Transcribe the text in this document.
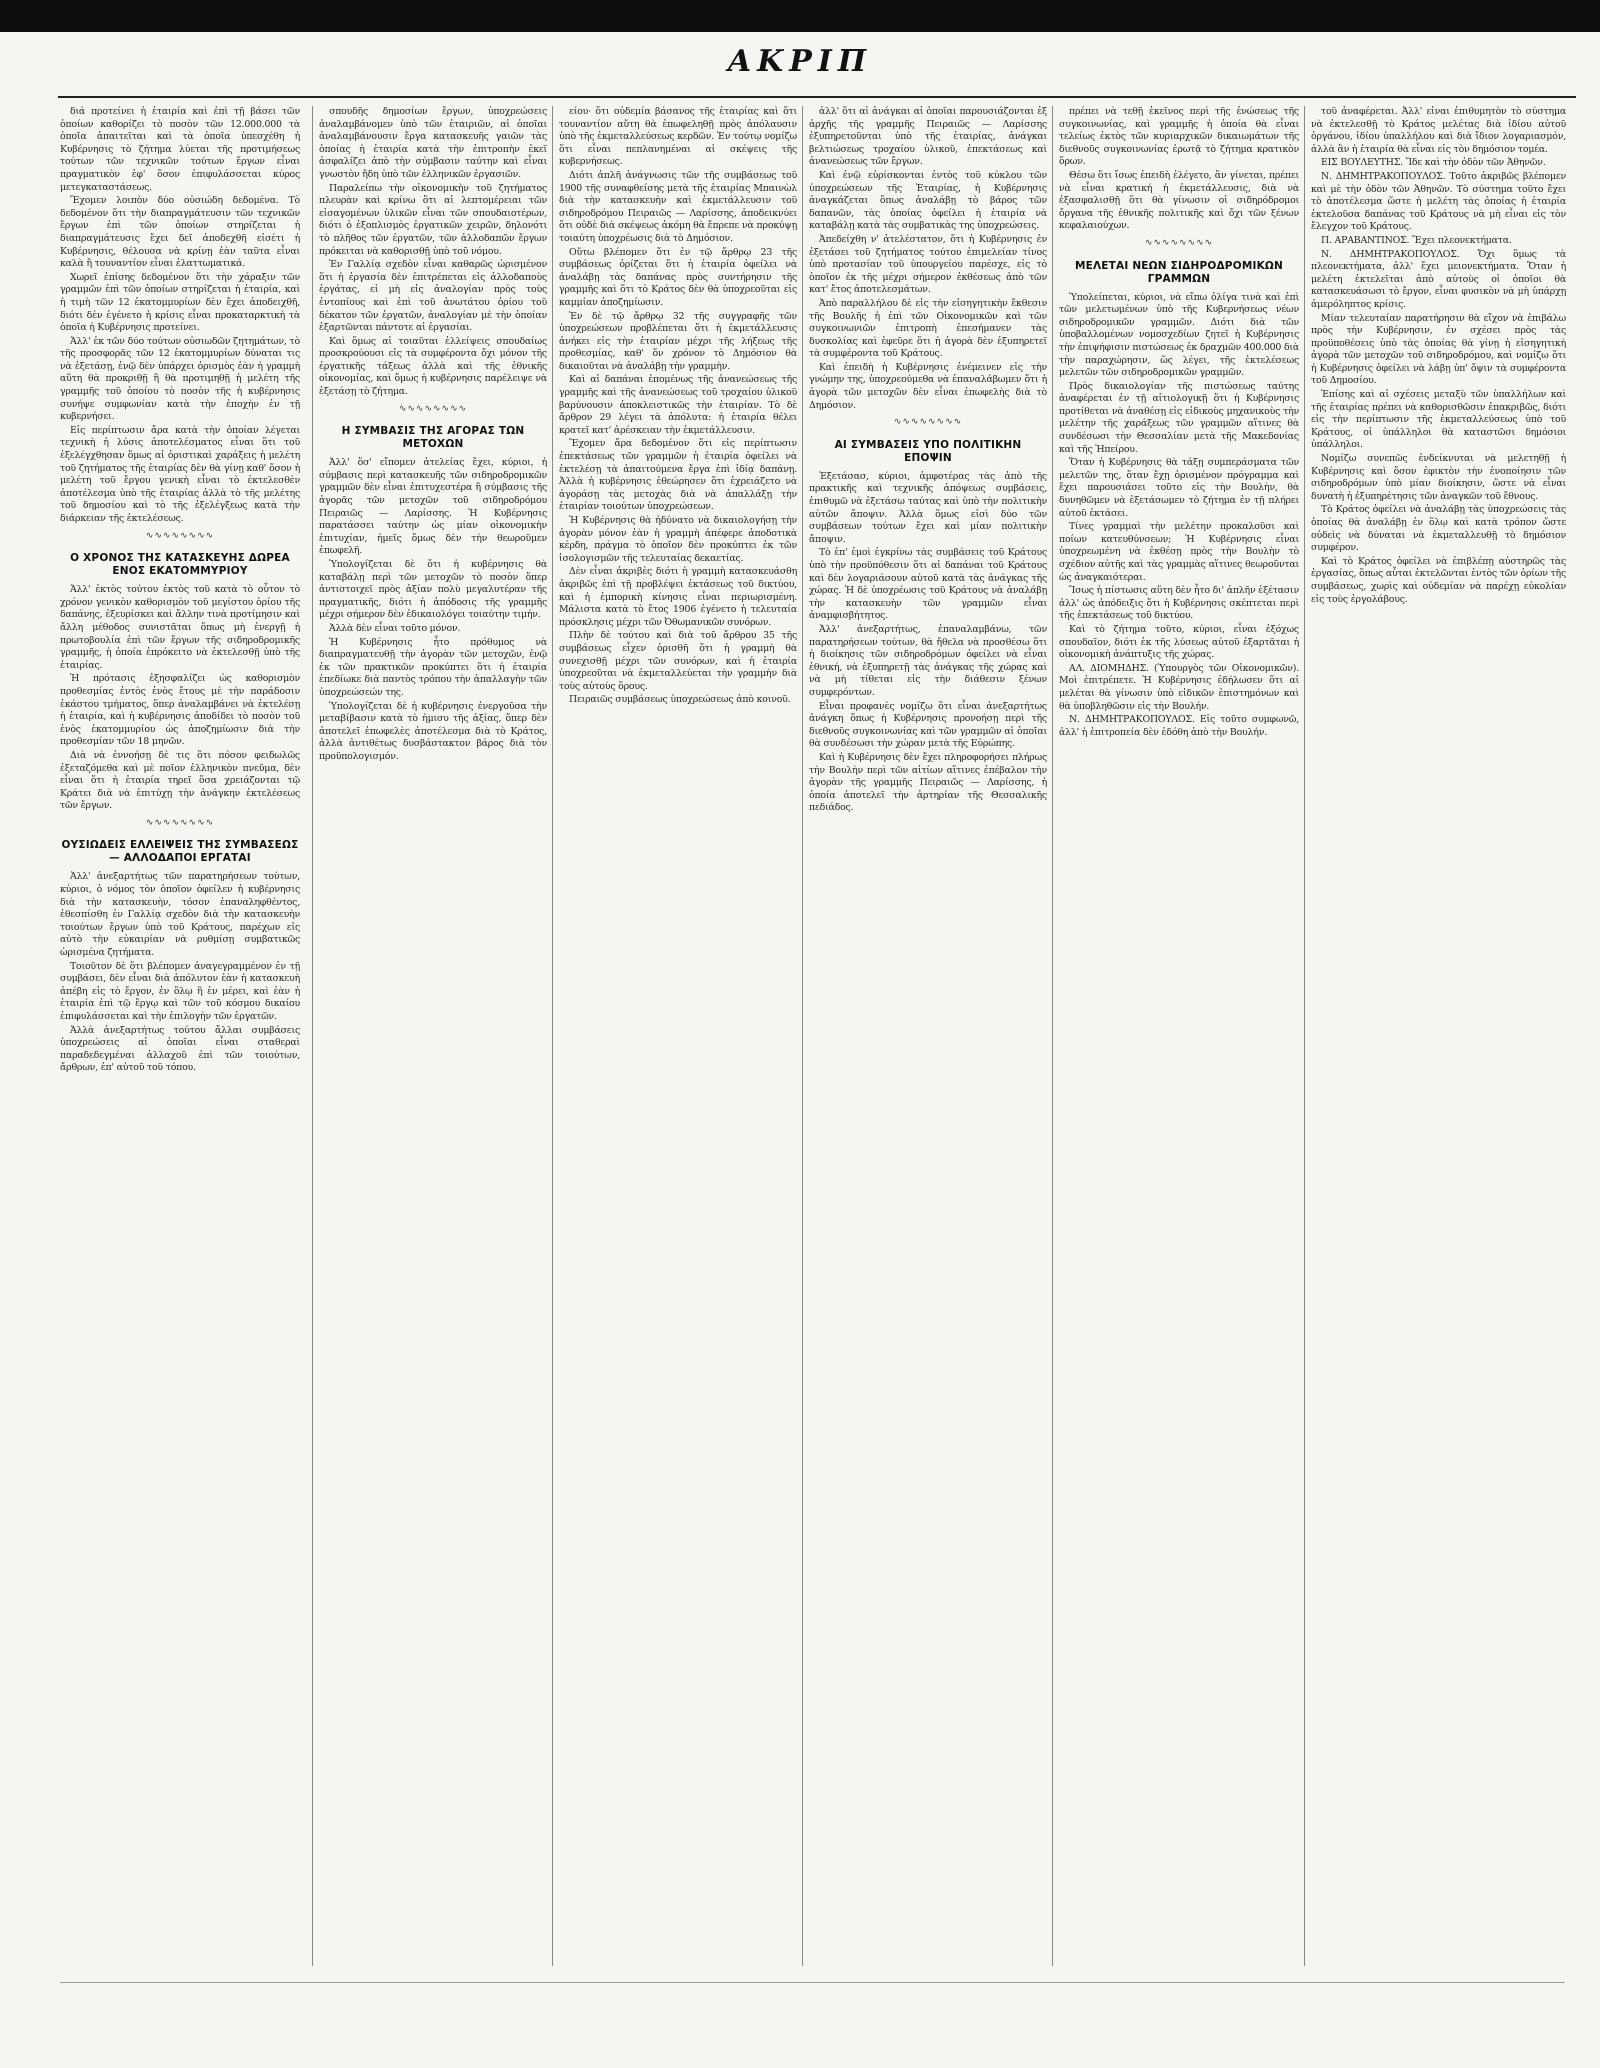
ΑΚΡΙΠ

διά προτείνει ἡ ἑταιρία καὶ ἐπὶ τῇ βάσει τῶν ὁποίων καθορίζει τὸ ποσὸν τῶν 12.000.000 τὰ ὁποῖα ἀπαιτεῖται καὶ τὰ ὁποῖα ὑπεσχέθη ἡ Κυβέρνησις τὸ ζήτημα λύεται τῆς προτιμήσεως τούτων τῶν τεχνικῶν τούτων ἔργων εἶναι πραγματικὸν ἐφ' ὅσον ἐπιφυλάσσεται κύρος μετεγκαταστάσεως.

Ἔχομεν λοιπὸν δύο οὐσιώδη δεδομένα. Τὸ δεδομένον ὅτι τὴν διαπραγμάτευσιν τῶν τεχνικῶν ἔργων ἐπὶ τῶν ὁποίων στηρίζεται ἡ διαπραγμάτευσις ἔχει δεῖ ἀποδεχθῆ εἰσέτι ἡ Κυβέρνησις, θέλουσα νὰ κρίνῃ ἐὰν ταῦτα εἶναι καλὰ ἢ τουναντίον εἶναι ἐλαττωματικά.

Χωρεῖ ἐπίσης δεδομένον ὅτι τὴν χάραξιν τῶν γραμμῶν ἐπὶ τῶν ὁποίων στηρίζεται ἡ ἑταιρία, καὶ ἡ τιμὴ τῶν 12 ἑκατομμυρίων δὲν ἔχει ἀποδειχθῆ, διότι δὲν ἐγένετο ἡ κρίσις εἶναι προκαταρκτικὴ τὰ ὁποῖα ἡ Κυβέρνησις προτείνει.

Ἀλλ' ἐκ τῶν δύο τούτων οὐσιωδῶν ζητημάτων, τὸ τῆς προσφορᾶς τῶν 12 ἑκατομμυρίων δύναται τις νὰ ἐξετάσῃ, ἐνῷ δὲν ὑπάρχει ὁρισμὸς ἐὰν ἡ γραμμὴ αὕτη θὰ προκριθῇ ἢ θὰ προτιμηθῇ ἡ μελέτη τῆς γραμμῆς τοῦ ὁποίου τὸ ποσὸν τῆς ἡ κυβέρνησις συνήψε συμφωνίαν κατὰ τὴν ἐποχὴν ἐν τῇ κυβερνήσει.

Εἰς περίπτωσιν ἄρα κατὰ τὴν ὁποίαν λέγεται τεχνικὴ ἡ λύσις ἀποτελέσματος εἶναι ὅτι τοῦ ἐξελέγχθησαν ὅμως αἱ ὁριστικαὶ χαράξεις ἡ μελέτη τοῦ ζητήματος τῆς ἑταιρίας δὲν θὰ γίνῃ καθ' ὅσον ἡ μελέτη τοῦ ἔργου γενικὴ εἶναι τὸ ἐκτελεσθὲν ἀποτέλεσμα ὑπὸ τῆς ἑταιρίας ἀλλὰ τὸ τῆς μελέτης τοῦ δημοσίου καὶ τὸ τῆς ἐξελέγξεως κατὰ τὴν διάρκειαν τῆς ἐκτελέσεως.

∿∿∿∿∿∿∿∿
Ο ΧΡΟΝΟΣ ΤΗΣ ΚΑΤΑΣΚΕΥΗΣ ΔΩΡΕΑ ΕΝΟΣ ΕΚΑΤΟΜΜΥΡΙΟΥ

Ἀλλ' ἐκτὸς τούτου ἐκτὸς τοῦ κατὰ τὸ οὗτον τὸ χρόνον γενικὸν καθορισμὸν τοῦ μεγίστου ὁρίου τῆς δαπάνης, ἐξευρίσκει καὶ ἄλλην τινὰ προτίμησιν καὶ ἄλλη μέθοδος συνιστᾶται ὅπως μὴ ἐνεργῇ ἡ πρωτοβουλία ἐπὶ τῶν ἔργων τῆς σιδηροδρομικῆς γραμμῆς, ἡ ὁποία ἐπρόκειτο νὰ ἐκτελεσθῇ ὑπὸ τῆς ἑταιρίας.

Ἡ πρότασις ἐξησφαλίζει ὡς καθορισμὸν προθεσμίας ἐντὸς ἐνὸς ἔτους μὲ τὴν παράδοσιν ἑκάστου τμήματος, ὅπερ ἀναλαμβάνει νὰ ἐκτελέσῃ ἡ ἑταιρία, καὶ ἡ κυβέρνησις ἀποδίδει τὸ ποσὸν τοῦ ἑνὸς ἑκατομμυρίου ὡς ἀποζημίωσιν διὰ τὴν προθεσμίαν τῶν 18 μηνῶν.

Διὰ νὰ ἐννοήσῃ δὲ τις ὅτι πόσον φειδωλῶς ἐξεταζόμεθα καὶ μὲ ποῖον ἐλληνικὸν πνεῦμα, δὲν εἶναι ὅτι ἡ ἑταιρία τηρεῖ ὅσα χρειάζονται τῷ Κράτει διὰ νὰ ἐπιτύχῃ τὴν ἀνάγκην ἐκτελέσεως τῶν ἔργων.

∿∿∿∿∿∿∿∿
ΟΥΣΙΩΔΕΙΣ ΕΛΛΕΙΨΕΙΣ ΤΗΣ ΣΥΜΒΑΣΕΩΣ — ΑΛΛΟΔΑΠΟΙ ΕΡΓΑΤΑΙ

Ἀλλ' ἀνεξαρτήτως τῶν παρατηρήσεων τούτων, κύριοι, ὁ νόμος τὸν ὁποῖον ὀφείλεν ἡ κυβέρνησις διὰ τὴν κατασκευὴν, τόσον ἐπαναληφθέντος, ἐθεσπίσθη ἐν Γαλλίᾳ σχεδὸν διὰ τὴν κατασκευὴν τοιούτων ἔργων ὑπὸ τοῦ Κράτους, παρέχων εἰς αὐτὸ τὴν εὐκαιρίαν νὰ ρυθμίσῃ συμβατικῶς ὡρισμένα ζητήματα.

Τοιοῦτον δὲ ὅτι βλέπομεν ἀναγεγραμμένον ἐν τῇ συμβάσει, δὲν εἶναι διὰ ἀπόλυτον ἐὰν ἡ κατασκευὴ ἀπέβη εἰς τὸ ἔργον, ἐν ὅλῳ ἢ ἐν μέρει, καὶ ἐὰν ἡ ἑταιρία ἐπὶ τῷ ἔργῳ καὶ τῶν τοῦ κόσμου δικαίου ἐπιφυλάσσεται καὶ τὴν ἐπιλογὴν τῶν ἐργατῶν.

Ἀλλὰ ἀνεξαρτήτως τούτου ἄλλαι συμβάσεις ὑποχρεώσεις αἱ ὁποῖαι εἶναι σταθεραὶ παραδεδεγμέναι ἀλλαχοῦ ἐπὶ τῶν τοιούτων, ἄρθρων, ἐπ' αὐτοῦ τοῦ τόπου.

σπουδῆς δημοσίων ἔργων, ὑποχρεώσεις ἀναλαμβάνομεν ὑπὸ τῶν ἑταιριῶν, αἱ ὁποῖαι ἀναλαμβάνουσιν ἔργα κατασκευῆς γαιῶν τὰς ὁποίας ἡ ἑταιρία κατὰ τὴν ἐπιτροπὴν ἐκεῖ ἀσφαλίζει ἀπὸ τὴν σύμβασιν ταύτην καὶ εἶναι γνωστὸν ἤδη ὑπὸ τῶν ἑλληνικῶν ἐργασιῶν.

Παραλείπω τὴν οἰκονομικὴν τοῦ ζητήματος πλευρὰν καὶ κρίνω ὅτι αἱ λεπτομέρειαι τῶν εἰσαγομένων ὑλικῶν εἶναι τῶν σπουδαιοτέρων, διότι ὁ ἐξοπλισμὸς ἐργατικῶν χειρῶν, δηλονότι τὸ πλῆθος τῶν ἐργατῶν, τῶν ἀλλοδαπῶν ἔργων πρόκειται νὰ καθορισθῇ ὑπὸ τοῦ νόμου.

Ἐν Γαλλίᾳ σχεδὸν εἶναι καθαρῶς ὡρισμένον ὅτι ἡ ἐργασία δὲν ἐπιτρέπεται εἰς ἀλλοδαποὺς ἐργάτας, εἰ μὴ εἰς ἀναλογίαν πρὸς τοὺς ἐντοπίους καὶ ἐπὶ τοῦ ἀνωτάτου ὁρίου τοῦ δέκατον τῶν ἐργατῶν, ἀναλογίαν μὲ τὴν ὁποίαν ἐξαρτῶνται πάντοτε αἱ ἐργασίαι.

Καὶ ὅμως αἱ τοιαῦται ἐλλείψεις σπουδαίως προσκρούουσι εἰς τὰ συμφέροντα ὄχι μόνον τῆς ἐργατικῆς τάξεως ἀλλὰ καὶ τῆς ἐθνικῆς οἰκονομίας, καὶ ὅμως ἡ κυβέρνησις παρέλειψε νὰ ἐξετάσῃ τὸ ζήτημα.

∿∿∿∿∿∿∿∿
Η ΣΥΜΒΑΣΙΣ ΤΗΣ ΑΓΟΡΑΣ ΤΩΝ ΜΕΤΟΧΩΝ

Ἀλλ' ὅσ' εἴπομεν ἀτελείας ἔχει, κύριοι, ἡ σύμβασις περὶ κατασκευῆς τῶν σιδηροδρομικῶν γραμμῶν δὲν εἶναι ἐπιτυχεστέρα ἢ σύμβασις τῆς ἀγορᾶς τῶν μετοχῶν τοῦ σιδηροδρόμου Πειραιῶς — Λαρίσσης. Ἡ Κυβέρνησις παρατάσσει ταύτην ὡς μίαν οἰκονομικὴν ἐπιτυχίαν, ἡμεῖς ὅμως δὲν τὴν θεωροῦμεν ἐπωφελῆ.

Ὑπολογίζεται δὲ ὅτι ἡ κυβέρνησις θὰ καταβάλῃ περὶ τῶν μετοχῶν τὸ ποσὸν ὅπερ ἀντιστοιχεῖ πρὸς ἀξίαν πολὺ μεγαλυτέραν τῆς πραγματικῆς, διότι ἡ ἀπόδοσις τῆς γραμμῆς μέχρι σήμερον δὲν ἐδικαιολόγει τοιαύτην τιμήν.

Ἀλλὰ δὲν εἶναι τοῦτο μόνον.

Ἡ Κυβέρνησις ἦτο πρόθυμος νὰ διαπραγματευθῇ τὴν ἀγορὰν τῶν μετοχῶν, ἐνῷ ἐκ τῶν πρακτικῶν προκύπτει ὅτι ἡ ἑταιρία ἐπεδίωκε διὰ παντὸς τρόπου τὴν ἀπαλλαγὴν τῶν ὑποχρεώσεών της.

Ὑπολογίζεται δὲ ἡ κυβέρνησις ἐνεργοῦσα τὴν μεταβίβασιν κατὰ τὸ ἡμισυ τῆς ἀξίας, ὅπερ δὲν ἀποτελεῖ ἐπωφελὲς ἀποτέλεσμα διὰ τὸ Κράτος, ἀλλὰ ἀντιθέτως δυσβάστακτον βάρος διὰ τὸν προϋπολογισμόν.

είου· ὅτι οὐδεμία βάσανος τῆς ἑταιρίας καὶ ὅτι τουναντίον αὕτη θὰ ἐπωφεληθῇ πρὸς ἀπόλαυσιν ὑπὸ τῆς ἐκμεταλλεύσεως κερδῶν. Ἐν τούτῳ νομίζω ὅτι εἶναι πεπλανημέναι αἱ σκέψεις τῆς κυβερνήσεως.

Διότι ἁπλῆ ἀνάγνωσις τῶν τῆς συμβάσεως τοῦ 1900 τῆς συναφθείσης μετὰ τῆς ἑταιρίας Μπαινὼλ διὰ τὴν κατασκευὴν καὶ ἐκμετάλλευσιν τοῦ σιδηροδρόμου Πειραιῶς — Λαρίσσης, ἀποδεικνύει ὅτι οὐδὲ διὰ σκέψεως ἀκόμη θὰ ἔπρεπε νὰ προκύψῃ τοιαύτη ὑποχρέωσις διὰ τὸ Δημόσιον.

Οὕτω βλέπομεν ὅτι ἐν τῷ ἄρθρῳ 23 τῆς συμβάσεως ὁρίζεται ὅτι ἡ ἑταιρία ὀφείλει νὰ ἀναλάβῃ τὰς δαπάνας πρὸς συντήρησιν τῆς γραμμῆς καὶ ὅτι τὸ Κράτος δὲν θὰ ὑποχρεοῦται εἰς καμμίαν ἀποζημίωσιν.

Ἐν δὲ τῷ ἄρθρῳ 32 τῆς συγγραφῆς τῶν ὑποχρεώσεων προβλέπεται ὅτι ἡ ἐκμετάλλευσις ἀνήκει εἰς τὴν ἑταιρίαν μέχρι τῆς λήξεως τῆς προθεσμίας, καθ' ὅν χρόνον τὸ Δημόσιον θὰ δικαιοῦται νὰ ἀναλάβῃ τὴν γραμμὴν.

Καὶ αἱ δαπάναι ἐπομένως τῆς ἀνανεώσεως τῆς γραμμῆς καὶ τῆς ἀνανεώσεως τοῦ τροχαίου ὑλικοῦ βαρύνουσιν ἀποκλειστικῶς τὴν ἑταιρίαν. Τὸ δὲ ἄρθρον 29 λέγει τὰ ἀπόλυτα: ἡ ἑταιρία θέλει κρατεῖ κατ' ἀρέσκειαν τὴν ἐκμετάλλευσιν.

Ἔχομεν ἄρα δεδομένον ὅτι εἰς περίπτωσιν ἐπεκτάσεως τῶν γραμμῶν ἡ ἑταιρία ὀφείλει νὰ ἐκτελέσῃ τὰ ἀπαιτούμενα ἔργα ἐπὶ ἰδίᾳ δαπάνῃ. Ἀλλὰ ἡ κυβέρνησις ἐθεώρησεν ὅτι ἐχρειάζετο νὰ ἀγοράσῃ τὰς μετοχὰς διὰ νὰ ἀπαλλάξῃ τὴν ἑταιρίαν τοιούτων ὑποχρεώσεων.

Ἡ Κυβέρνησις θὰ ἠδύνατο νὰ δικαιολογήσῃ τὴν ἀγορὰν μόνον ἐὰν ἡ γραμμὴ ἀπέφερε ἀποδοτικὰ κέρδη, πράγμα τὸ ὁποῖον δὲν προκύπτει ἐκ τῶν ἰσολογισμῶν τῆς τελευταίας δεκαετίας.

Δὲν εἶναι ἀκριβὲς διότι ἡ γραμμὴ κατασκευάσθη ἀκριβῶς ἐπὶ τῇ προβλέψει ἐκτάσεως τοῦ δικτύου, καὶ ἡ ἐμπορικὴ κίνησις εἶναι περιωρισμένη. Μάλιστα κατὰ τὸ ἔτος 1906 ἐγένετο ἡ τελευταία πρόσκλησις μέχρι τῶν Ὀθωμανικῶν συνόρων.

Πλὴν δὲ τούτου καὶ διὰ τοῦ ἄρθρου 35 τῆς συμβάσεως εἶχεν ὁρισθῆ ὅτι ἡ γραμμὴ θὰ συνεχισθῇ μέχρι τῶν συνόρων, καὶ ἡ ἑταιρία ὑποχρεοῦται νὰ ἐκμεταλλεύεται τὴν γραμμὴν διὰ τοὺς αὐτοὺς ὅρους.

Πειραιῶς συμβάσεως ὑποχρεώσεως ἀπὸ κοινοῦ.

ἀλλ' ὅτι αἱ ἀνάγκαι αἱ ὁποῖαι παρουσιάζονται ἐξ ἀρχῆς τῆς γραμμῆς Πειραιῶς — Λαρίσσης ἐξυπηρετοῦνται ὑπὸ τῆς ἑταιρίας, ἀνάγκαι βελτιώσεως τροχαίου ὑλικοῦ, ἐπεκτάσεως καὶ ἀνανεώσεως τῶν ἔργων.

Καὶ ἐνῷ εὑρίσκονται ἐντὸς τοῦ κύκλου τῶν ὑποχρεώσεων τῆς Ἑταιρίας, ἡ Κυβέρνησις ἀναγκάζεται ὅπως ἀναλάβῃ τὸ βάρος τῶν δαπανῶν, τὰς ὁποίας ὀφείλει ἡ ἑταιρία νὰ καταβάλῃ κατὰ τὰς συμβατικὰς της ὑποχρεώσεις.

Ἀπεδείχθη ν' ἀτελέστατον, ὅτι ἡ Κυβέρνησις ἐν ἐξετάσει τοῦ ζητήματος τούτου ἐπιμελείαν τίνος ὑπὸ προτασίαν τοῦ ὑπουργείου παρέσχε, εἰς τὸ ὁποῖον ἐκ τῆς μέχρι σήμερον ἐκθέσεως ἀπὸ τῶν κατ' ἔτος ἀποτελεσμάτων.

Ἀπὸ παραλλήλου δὲ εἰς τὴν εἰσηγητικὴν ἔκθεσιν τῆς Βουλῆς ἡ ἐπὶ τῶν Οἰκονομικῶν καὶ τῶν συγκοινωνιῶν ἐπιτροπὴ ἐπεσήμανεν τὰς δυσκολίας καὶ ἐφεῦρε ὅτι ἡ ἀγορὰ δὲν ἐξυπηρετεῖ τὰ συμφέροντα τοῦ Κράτους.

Καὶ ἐπειδὴ ἡ Κυβέρνησις ἐνέμεινεν εἰς τὴν γνώμην της, ὑποχρεούμεθα νὰ ἐπαναλάβωμεν ὅτι ἡ ἀγορὰ τῶν μετοχῶν δὲν εἶναι ἐπωφελὴς διὰ τὸ Δημόσιον.

∿∿∿∿∿∿∿∿
ΑΙ ΣΥΜΒΑΣΕΙΣ ΥΠΟ ΠΟΛΙΤΙΚΗΝ ΕΠΟΨΙΝ

Ἐξετάσασ, κύριοι, ἀμφοτέρας τὰς ἀπὸ τῆς πρακτικῆς καὶ τεχνικῆς ἀπόψεως συμβάσεις, ἐπιθυμῶ νὰ ἐξετάσω ταύτας καὶ ὑπὸ τὴν πολιτικὴν αὐτῶν ἄποψιν. Ἀλλὰ ὅμως εἰσὶ δύο τῶν συμβάσεων τούτων ἔχει καὶ μίαν πολιτικὴν ἄποψιν.

Τὸ ἐπ' ἐμοὶ ἐγκρίνω τὰς συμβάσεις τοῦ Κράτους ὑπὸ τὴν προϋπόθεσιν ὅτι αἱ δαπάναι τοῦ Κράτους καὶ δὲν λογαριάσουν αὐτοῦ κατὰ τὰς ἀνάγκας τῆς χώρας. Ἡ δὲ ὑποχρέωσις τοῦ Κράτους νὰ ἀναλάβῃ τὴν κατασκευὴν τῶν γραμμῶν εἶναι ἀναμφισβήτητος.

Ἀλλ' ἀνεξαρτήτως, ἐπαναλαμβάνω, τῶν παρατηρήσεων τούτων, θὰ ἤθελα νὰ προσθέσω ὅτι ἡ διοίκησις τῶν σιδηροδρόμων ὀφείλει νὰ εἶναι ἐθνική, νὰ ἐξυπηρετῇ τὰς ἀνάγκας τῆς χώρας καὶ νὰ μὴ τίθεται εἰς τὴν διάθεσιν ξένων συμφερόντων.

Εἶναι προφανὲς νομίζω ὅτι εἶναι ἀνεξαρτήτως ἀνάγκη ὅπως ἡ Κυβέρνησις προνοήσῃ περὶ τῆς διεθνοῦς συγκοινωνίας καὶ τῶν γραμμῶν αἱ ὁποῖαι θὰ συνδέσωσι τὴν χώραν μετὰ τῆς Εὐρώπης.

Καὶ ἡ Κυβέρνησις δὲν ἔχει πληροφορήσει πλήρως τὴν Βουλὴν περὶ τῶν αἰτίων αἵτινες ἐπέβαλον τὴν ἀγορὰν τῆς γραμμῆς Πειραιῶς — Λαρίσσης, ἡ ὁποία ἀποτελεῖ τὴν ἀρτηρίαν τῆς Θεσσαλικῆς πεδιάδος.

πρέπει νὰ τεθῇ ἐκεῖνος περὶ τῆς ἑνώσεως τῆς συγκοινωνίας, καὶ γραμμῆς ἡ ὁποία θὰ εἶναι τελείως ἐκτὸς τῶν κυριαρχικῶν δικαιωμάτων τῆς διεθνοῦς συγκοινωνίας ἐρωτᾷ τὸ ζήτημα κρατικὸν ὅρων.

Θέσω ὅτι ἴσως ἐπειδὴ ἐλέγετο, ἂν γίνεται, πρέπει νὰ εἶναι κρατική ἡ ἐκμετάλλευσις, διὰ νὰ ἐξασφαλισθῇ ὅτι θὰ γίνωσιν οἱ σιδηρόδρομοι ὄργανα τῆς ἐθνικῆς πολιτικῆς καὶ ὄχι τῶν ξένων κεφαλαιούχων.

∿∿∿∿∿∿∿∿
ΜΕΛΕΤΑΙ ΝΕΩΝ ΣΙΔΗΡΟΔΡΟΜΙΚΩΝ ΓΡΑΜΜΩΝ

Ὑπολείπεται, κύριοι, νὰ εἴπω ὀλίγα τινὰ καὶ ἐπὶ τῶν μελετωμένων ὑπὸ τῆς Κυβερνήσεως νέων σιδηροδρομικῶν γραμμῶν. Διότι διὰ τῶν ὑποβαλλομένων νομοσχεδίων ζητεῖ ἡ Κυβέρνησις τὴν ἐπιψήφισιν πιστώσεως ἐκ δραχμῶν 400.000 διὰ τὴν παραχώρησιν, ὥς λέγει, τῆς ἐκτελέσεως μελετῶν τῶν σιδηροδρομικῶν γραμμῶν.

Πρὸς δικαιολογίαν τῆς πιστώσεως ταύτης ἀναφέρεται ἐν τῇ αἰτιολογικῇ ὅτι ἡ Κυβέρνησις προτίθεται νὰ ἀναθέσῃ εἰς εἰδικοὺς μηχανικοὺς τὴν μελέτην τῆς χαράξεως τῶν γραμμῶν αἵτινες θὰ συνδέσωσι τὴν Θεσσαλίαν μετὰ τῆς Μακεδονίας καὶ τῆς Ἠπείρου.

Ὅταν ἡ Κυβέρνησις θὰ τάξῃ συμπεράσματα τῶν μελετῶν της, ὅταν ἔχῃ ὁρισμένον πρόγραμμα καὶ ἔχει παρουσιάσει τοῦτο εἰς τὴν Βουλὴν, θὰ δυνηθῶμεν νὰ ἐξετάσωμεν τὸ ζήτημα ἐν τῇ πλήρει αὐτοῦ ἐκτάσει.

Τίνες γραμμαὶ τὴν μελέτην προκαλοῦσι καὶ ποίων κατευθύνσεων; Ἡ Κυβέρνησις εἶναι ὑποχρεωμένη νὰ ἐκθέσῃ πρὸς τὴν Βουλὴν τὸ σχέδιον αὐτῆς καὶ τὰς γραμμὰς αἵτινες θεωροῦνται ὡς ἀναγκαιότεραι.

Ἴσως ἡ πίστωσις αὕτη δὲν ἦτο δι' ἀπλῆν ἐξέτασιν ἀλλ' ὡς ἀπόδειξις ὅτι ἡ Κυβέρνησις σκέπτεται περὶ τῆς ἐπεκτάσεως τοῦ δικτύου.

Καὶ τὸ ζήτημα τοῦτο, κύριοι, εἶναι ἐξόχως σπουδαῖον, διότι ἐκ τῆς λύσεως αὐτοῦ ἐξαρτᾶται ἡ οἰκονομικὴ ἀνάπτυξις τῆς χώρας.

ΑΛ. ΔΙΟΜΗΔΗΣ. (Ὑπουργὸς τῶν Οἰκονομικῶν). Μοὶ ἐπιτρέπετε. Ἡ Κυβέρνησις ἐδήλωσεν ὅτι αἱ μελέται θὰ γίνωσιν ὑπὸ εἰδικῶν ἐπιστημόνων καὶ θὰ ὑποβληθῶσιν εἰς τὴν Βουλήν.

Ν. ΔΗΜΗΤΡΑΚΟΠΟΥΛΟΣ. Εἰς τοῦτο συμφωνῶ, ἀλλ' ἡ ἐπιτροπεία δὲν ἐδόθη ἀπὸ τὴν Βουλήν.

τοῦ ἀναφέρεται. Ἀλλ' εἶναι ἐπιθυμητὸν τὸ σύστημα νὰ ἐκτελεσθῇ τὸ Κράτος μελέτας διὰ ἰδίου αὐτοῦ ὀργάνου, ἰδίου ὑπαλλήλου καὶ διὰ ἴδιον λογαριασμόν, ἀλλὰ ἂν ἡ ἑταιρία θὰ εἶναι εἰς τὸν δημόσιον τομέα.

ΕΙΣ ΒΟΥΛΕΥΤΗΣ. Ἴδε καὶ τὴν ὁδὸν τῶν Ἀθηνῶν.

Ν. ΔΗΜΗΤΡΑΚΟΠΟΥΛΟΣ. Τοῦτο ἀκριβῶς βλέπομεν καὶ μὲ τὴν ὁδὸν τῶν Ἀθηνῶν. Τὸ σύστημα τοῦτο ἔχει τὸ ἀποτέλεσμα ὥστε ἡ μελέτη τὰς ὁποίας ἡ ἑταιρία ἐκτελοῦσα δαπάνας τοῦ Κράτους νὰ μὴ εἶναι εἰς τὸν ἔλεγχον τοῦ Κράτους.

Π. ΑΡΑΒΑΝΤΙΝΟΣ. Ἔχει πλεονεκτήματα.

Ν. ΔΗΜΗΤΡΑΚΟΠΟΥΛΟΣ. Ὄχι ὅμως τὰ πλεονεκτήματα, ἀλλ' ἔχει μειονεκτήματα. Ὅταν ἡ μελέτη ἐκτελεῖται ἀπὸ αὐτοὺς οἱ ὁποῖοι θὰ κατασκευάσωσι τὸ ἔργον, εἶναι φυσικὸν νὰ μὴ ὑπάρχῃ ἀμερόληπτος κρίσις.

Μίαν τελευταίαν παρατήρησιν θὰ εἴχον νὰ ἐπιβάλω πρὸς τὴν Κυβέρνησιν, ἐν σχέσει πρὸς τὰς προϋποθέσεις ὑπὸ τὰς ὁποίας θὰ γίνῃ ἡ εἰσηγητικὴ ἀγορὰ τῶν μετοχῶν τοῦ σιδηροδρόμου, καὶ νομίζω ὅτι ἡ Κυβέρνησις ὀφείλει νὰ λάβῃ ὑπ' ὄψιν τὰ συμφέροντα τοῦ Δημοσίου.

Ἐπίσης καὶ αἱ σχέσεις μεταξὺ τῶν ὑπαλλήλων καὶ τῆς ἑταιρίας πρέπει νὰ καθορισθῶσιν ἐπακριβῶς, διότι εἰς τὴν περίπτωσιν τῆς ἐκμεταλλεύσεως ὑπὸ τοῦ Κράτους, οἱ ὑπάλληλοι θὰ καταστῶσι δημόσιοι ὑπάλληλοι.

Νομίζω συνεπῶς ἐνδείκνυται νὰ μελετηθῇ ἡ Κυβέρνησις καὶ ὅσον ἐφικτὸν τὴν ἑνοποίησιν τῶν σιδηροδρόμων ὑπὸ μίαν διοίκησιν, ὥστε νὰ εἶναι δυνατὴ ἡ ἐξυπηρέτησις τῶν ἀναγκῶν τοῦ ἔθνους.

Τὸ Κράτος ὀφείλει νὰ ἀναλάβῃ τὰς ὑποχρεώσεις τὰς ὁποίας θὰ ἀναλάβῃ ἐν ὅλῳ καὶ κατὰ τρόπον ὥστε οὐδεὶς νὰ δύναται νὰ ἐκμεταλλευθῇ τὸ δημόσιον συμφέρον.

Καὶ τὸ Κράτος ὀφείλει νὰ ἐπιβλέπῃ αὐστηρῶς τὰς ἐργασίας, ὅπως αὗται ἐκτελῶνται ἐντὸς τῶν ὁρίων τῆς συμβάσεως, χωρὶς καὶ οὐδεμίαν νὰ παρέχῃ εὐκολίαν εἰς τοὺς ἐργολάβους.
